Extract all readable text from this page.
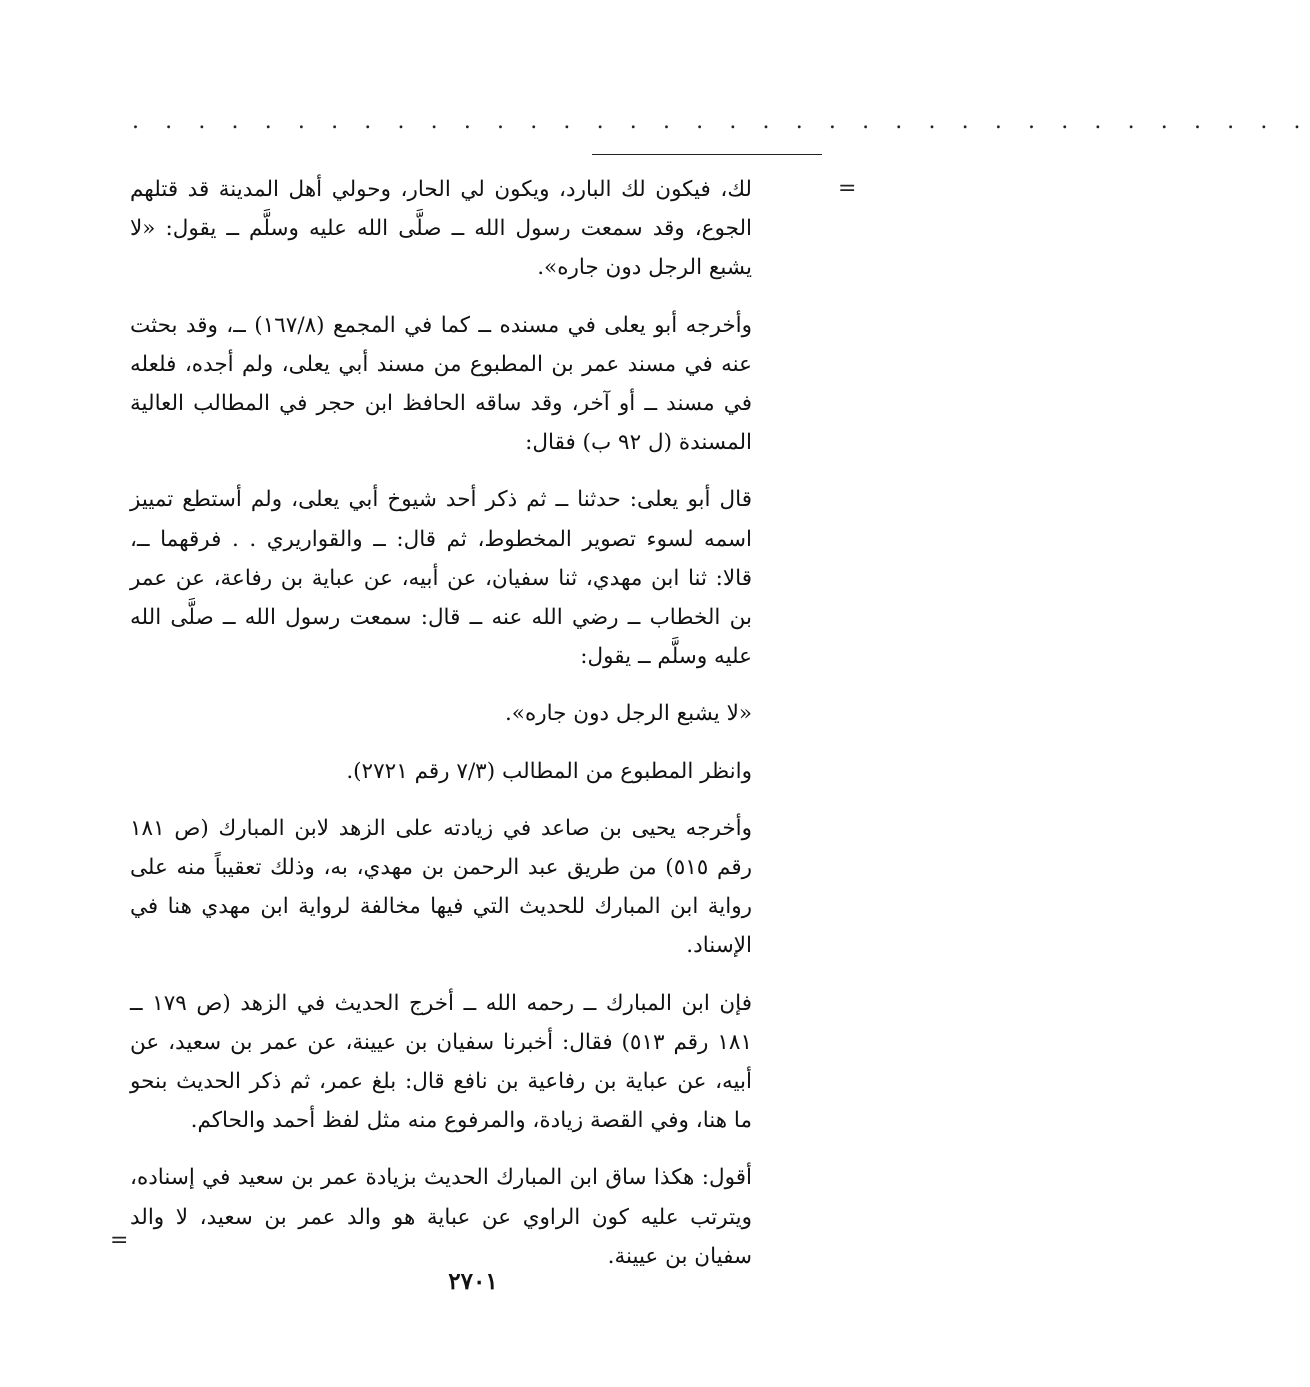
. . . . . . . . . . . . . . . . . . . . . . . . . . . . . . . . . . . .
=

لك، فيكون لك البارد، ويكون لي الحار، وحولي أهل المدينة قد قتلهم الجوع، وقد سمعت رسول الله ــ صلَّى الله عليه وسلَّم ــ يقول: «لا يشبع الرجل دون جاره».

وأخرجه أبو يعلى في مسنده ــ كما في المجمع (١٦٧/٨) ــ، وقد بحثت عنه في مسند عمر بن المطبوع من مسند أبي يعلى، ولم أجده، فلعله في مسند ــ أو آخر، وقد ساقه الحافظ ابن حجر في المطالب العالية المسندة (ل ٩٢ ب) فقال:

قال أبو يعلى: حدثنا ــ ثم ذكر أحد شيوخ أبي يعلى، ولم أستطع تمييز اسمه لسوء تصوير المخطوط، ثم قال: ــ والقواريري . . فرقهما ــ، قالا: ثنا ابن مهدي، ثنا سفيان، عن أبيه، عن عباية بن رفاعة، عن عمر بن الخطاب ــ رضي الله عنه ــ قال: سمعت رسول الله ــ صلَّى الله عليه وسلَّم ــ يقول:

«لا يشبع الرجل دون جاره».

وانظر المطبوع من المطالب (٧/٣ رقم ٢٧٢١).

وأخرجه يحيى بن صاعد في زيادته على الزهد لابن المبارك (ص ١٨١ رقم ٥١٥) من طريق عبد الرحمن بن مهدي، به، وذلك تعقيباً منه على رواية ابن المبارك للحديث التي فيها مخالفة لرواية ابن مهدي هنا في الإسناد.

فإن ابن المبارك ــ رحمه الله ــ أخرج الحديث في الزهد (ص ١٧٩ ــ ١٨١ رقم ٥١٣) فقال: أخبرنا سفيان بن عيينة، عن عمر بن سعيد، عن أبيه، عن عباية بن رفاعية بن نافع قال: بلغ عمر، ثم ذكر الحديث بنحو ما هنا، وفي القصة زيادة، والمرفوع منه مثل لفظ أحمد والحاكم.

أقول: هكذا ساق ابن المبارك الحديث بزيادة عمر بن سعيد في إسناده، ويترتب عليه كون الراوي عن عباية هو والد عمر بن سعيد، لا والد سفيان بن عيينة.

=
٢٧٠١
